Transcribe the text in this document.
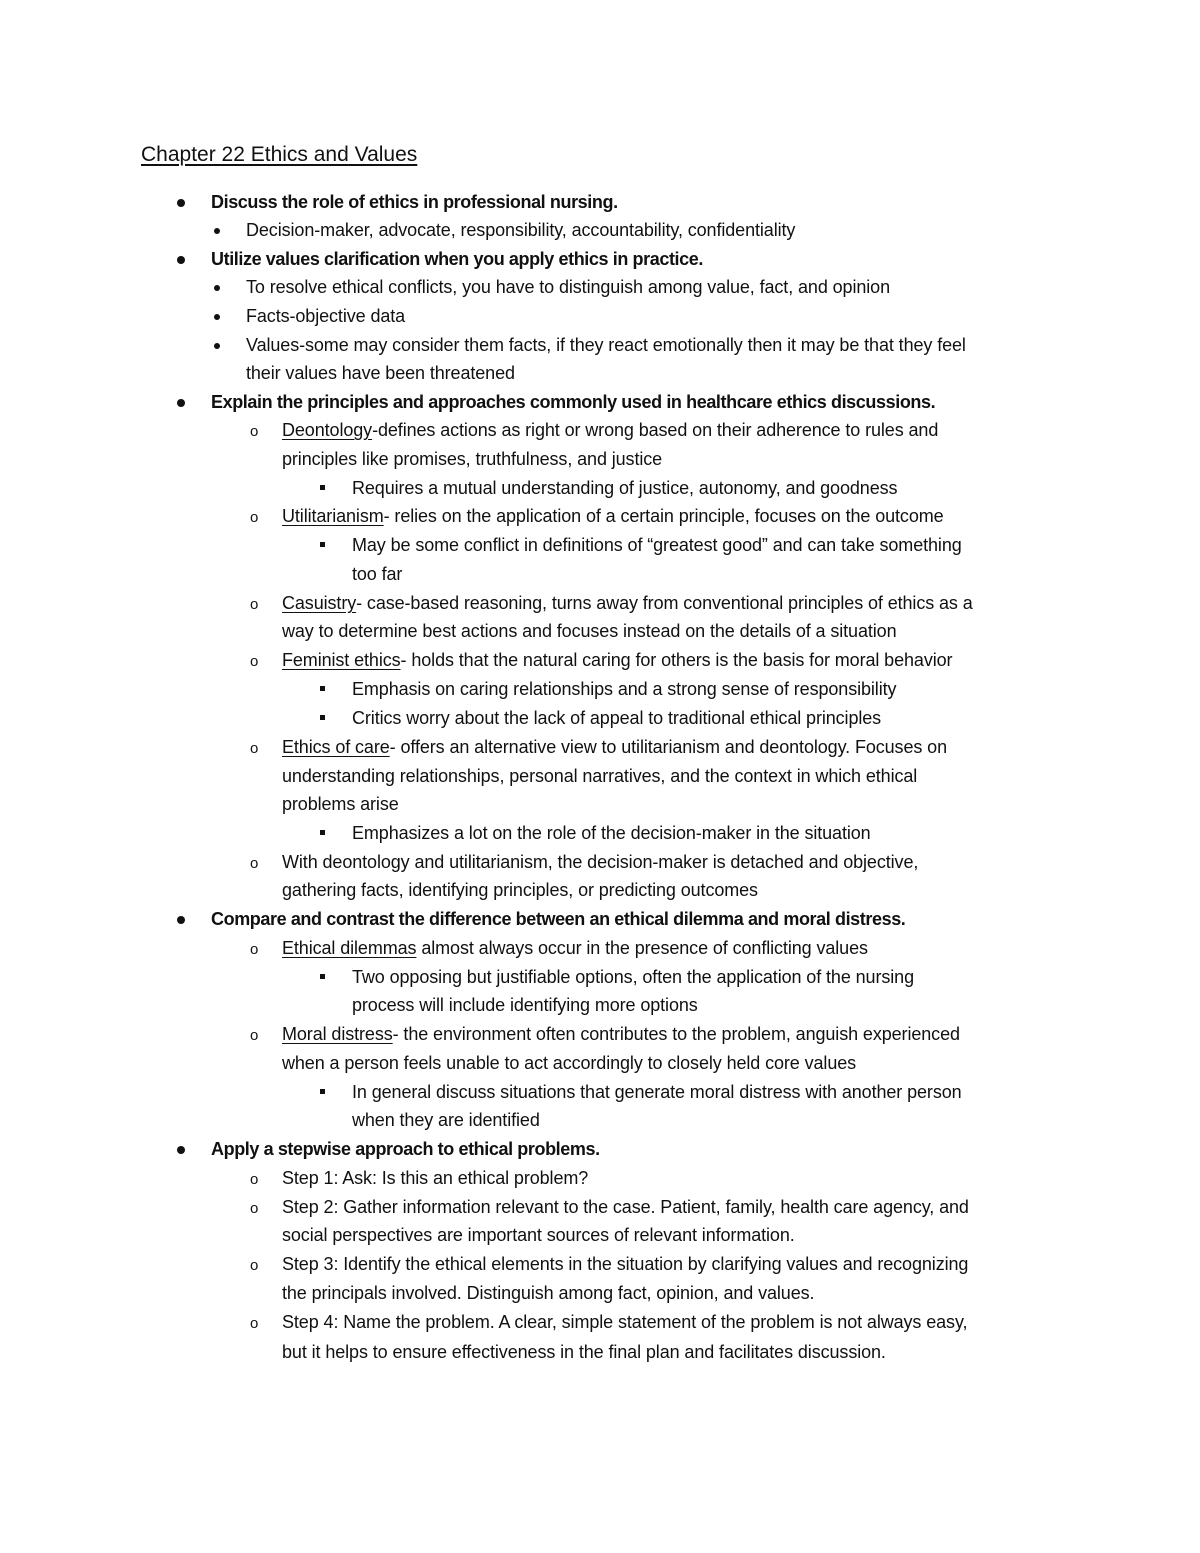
Chapter 22 Ethics and Values
Discuss the role of ethics in professional nursing.
Decision-maker, advocate, responsibility, accountability, confidentiality
Utilize values clarification when you apply ethics in practice.
To resolve ethical conflicts, you have to distinguish among value, fact, and opinion
Facts-objective data
Values-some may consider them facts, if they react emotionally then it may be that they feel
their values have been threatened
Explain the principles and approaches commonly used in healthcare ethics discussions.
o Deontology-defines actions as right or wrong based on their adherence to rules and
principles like promises, truthfulness, and justice
Requires a mutual understanding of justice, autonomy, and goodness
o Utilitarianism- relies on the application of a certain principle, focuses on the outcome
May be some conflict in definitions of “greatest good” and can take something
too far
o Casuistry- case-based reasoning, turns away from conventional principles of ethics as a
way to determine best actions and focuses instead on the details of a situation
o Feminist ethics- holds that the natural caring for others is the basis for moral behavior
Emphasis on caring relationships and a strong sense of responsibility
Critics worry about the lack of appeal to traditional ethical principles
o Ethics of care- offers an alternative view to utilitarianism and deontology. Focuses on
understanding relationships, personal narratives, and the context in which ethical
problems arise
Emphasizes a lot on the role of the decision-maker in the situation
o With deontology and utilitarianism, the decision-maker is detached and objective,
gathering facts, identifying principles, or predicting outcomes
Compare and contrast the difference between an ethical dilemma and moral distress.
o Ethical dilemmas almost always occur in the presence of conflicting values
Two opposing but justifiable options, often the application of the nursing
process will include identifying more options
o Moral distress- the environment often contributes to the problem, anguish experienced
when a person feels unable to act accordingly to closely held core values
In general discuss situations that generate moral distress with another person
when they are identified
Apply a stepwise approach to ethical problems.
o Step 1: Ask: Is this an ethical problem?
o Step 2: Gather information relevant to the case. Patient, family, health care agency, and
social perspectives are important sources of relevant information.
o Step 3: Identify the ethical elements in the situation by clarifying values and recognizing
the principals involved. Distinguish among fact, opinion, and values.
o Step 4: Name the problem. A clear, simple statement of the problem is not always easy,
but it helps to ensure effectiveness in the final plan and facilitates discussion.
